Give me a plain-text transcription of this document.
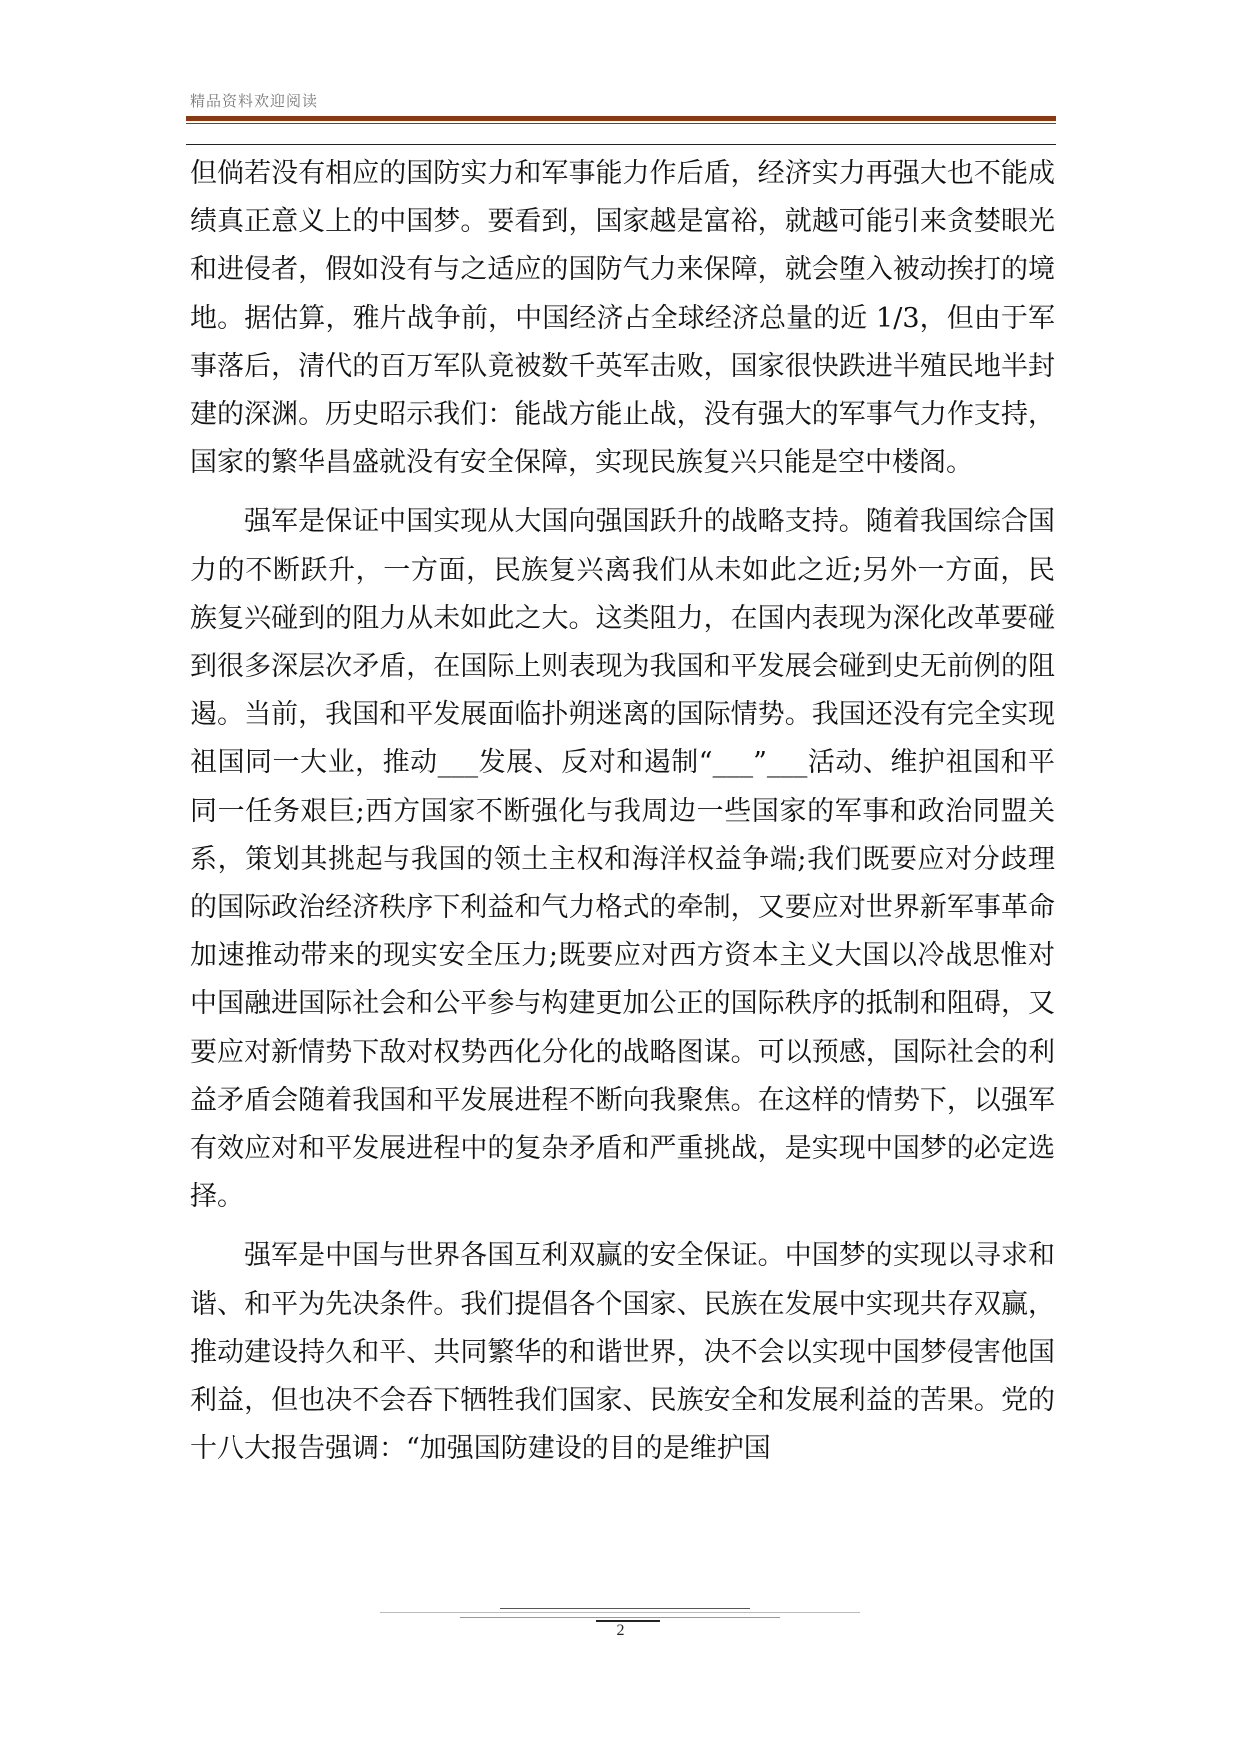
精品资料欢迎阅读

但倘若没有相应的国防实力和军事能力作后盾，经济实力再强大也不能成绩真正意义上的中国梦。要看到，国家越是富裕，就越可能引来贪婪眼光和进侵者，假如没有与之适应的国防气力来保障，就会堕入被动挨打的境地。据估算，雅片战争前，中国经济占全球经济总量的近 1/3，但由于军事落后，清代的百万军队竟被数千英军击败，国家很快跌进半殖民地半封建的深渊。历史昭示我们：能战方能止战，没有强大的军事气力作支持，国家的繁华昌盛就没有安全保障，实现民族复兴只能是空中楼阁。

强军是保证中国实现从大国向强国跃升的战略支持。随着我国综合国力的不断跃升，一方面，民族复兴离我们从未如此之近;另外一方面，民族复兴碰到的阻力从未如此之大。这类阻力，在国内表现为深化改革要碰到很多深层次矛盾，在国际上则表现为我国和平发展会碰到史无前例的阻遏。当前，我国和平发展面临扑朔迷离的国际情势。我国还没有完全实现祖国同一大业，推动___发展、反对和遏制“___”___活动、维护祖国和平同一任务艰巨;西方国家不断强化与我周边一些国家的军事和政治同盟关系，策划其挑起与我国的领土主权和海洋权益争端;我们既要应对分歧理的国际政治经济秩序下利益和气力格式的牵制，又要应对世界新军事革命加速推动带来的现实安全压力;既要应对西方资本主义大国以冷战思惟对中国融进国际社会和公平参与构建更加公正的国际秩序的抵制和阻碍，又要应对新情势下敌对权势西化分化的战略图谋。可以预感，国际社会的利益矛盾会随着我国和平发展进程不断向我聚焦。在这样的情势下，以强军有效应对和平发展进程中的复杂矛盾和严重挑战，是实现中国梦的必定选择。

强军是中国与世界各国互利双赢的安全保证。中国梦的实现以寻求和谐、和平为先决条件。我们提倡各个国家、民族在发展中实现共存双赢，推动建设持久和平、共同繁华的和谐世界，决不会以实现中国梦侵害他国利益，但也决不会吞下牺牲我们国家、民族安全和发展利益的苦果。党的十八大报告强调：“加强国防建设的目的是维护国

2
